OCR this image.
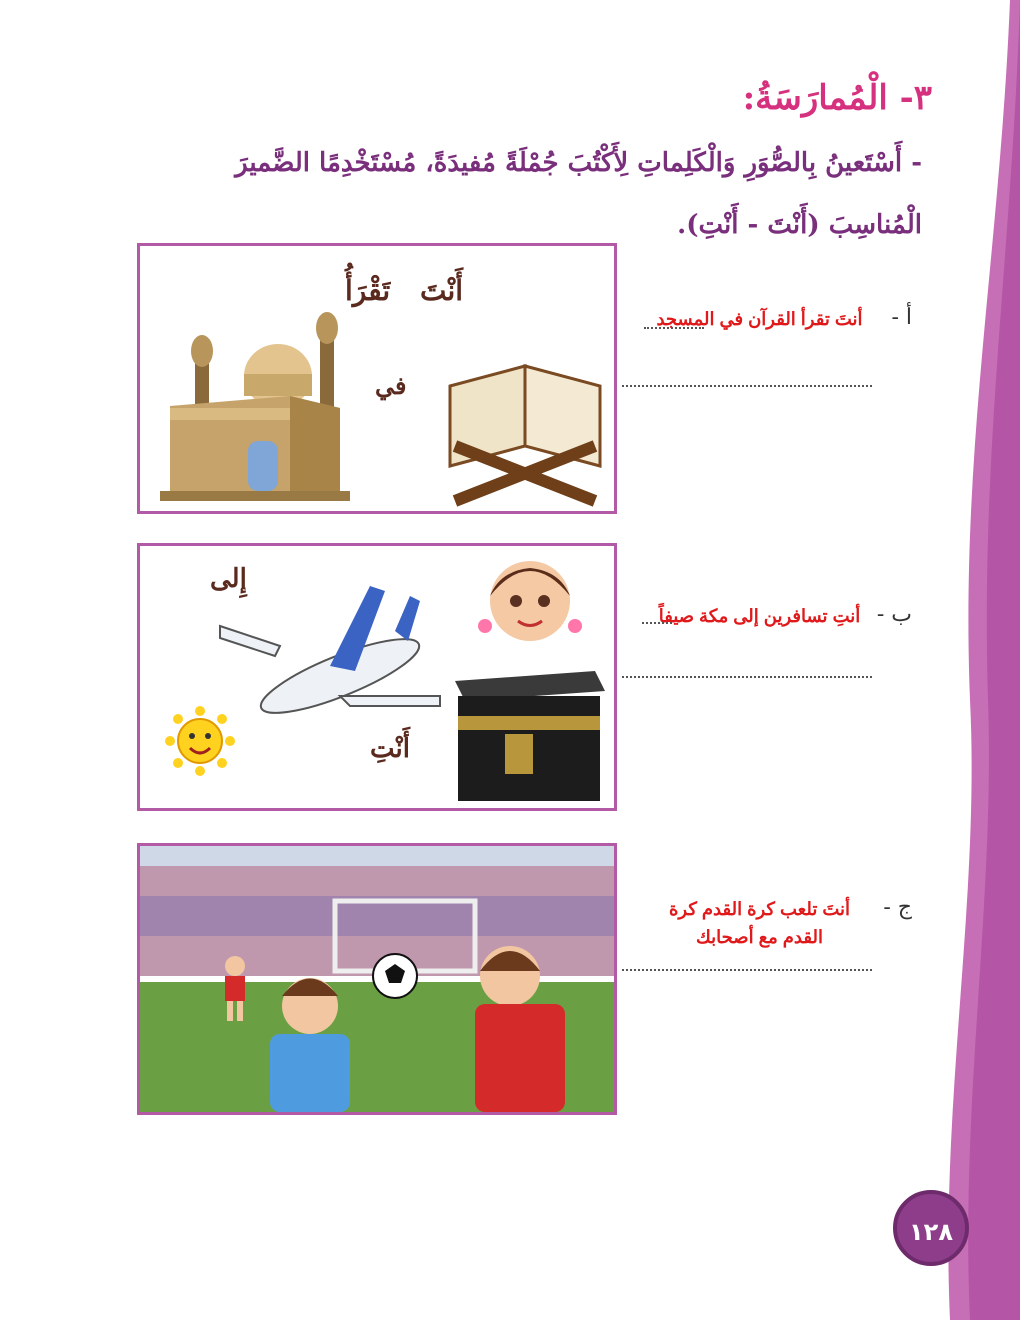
٣- الْمُمارَسَةُ:
- أَسْتَعينُ بِالصُّوَرِ وَالْكَلِماتِ لِأَكْتُبَ جُمْلَةً مُفيدَةً، مُسْتَخْدِمًا الضَّميرَ
الْمُناسِبَ (أَنْتَ - أَنْتِ).
أَنْتَ
تَقْرَأُ
في
إِلى
أَنْتِ
أ -
أنتَ تقرأ القرآن في المسجد
ب -
أنتِ تسافرين إلى مكة صيفاً
ج -
أنتَ تلعب كرة القدم كرة القدم مع أصحابك
١٢٨
